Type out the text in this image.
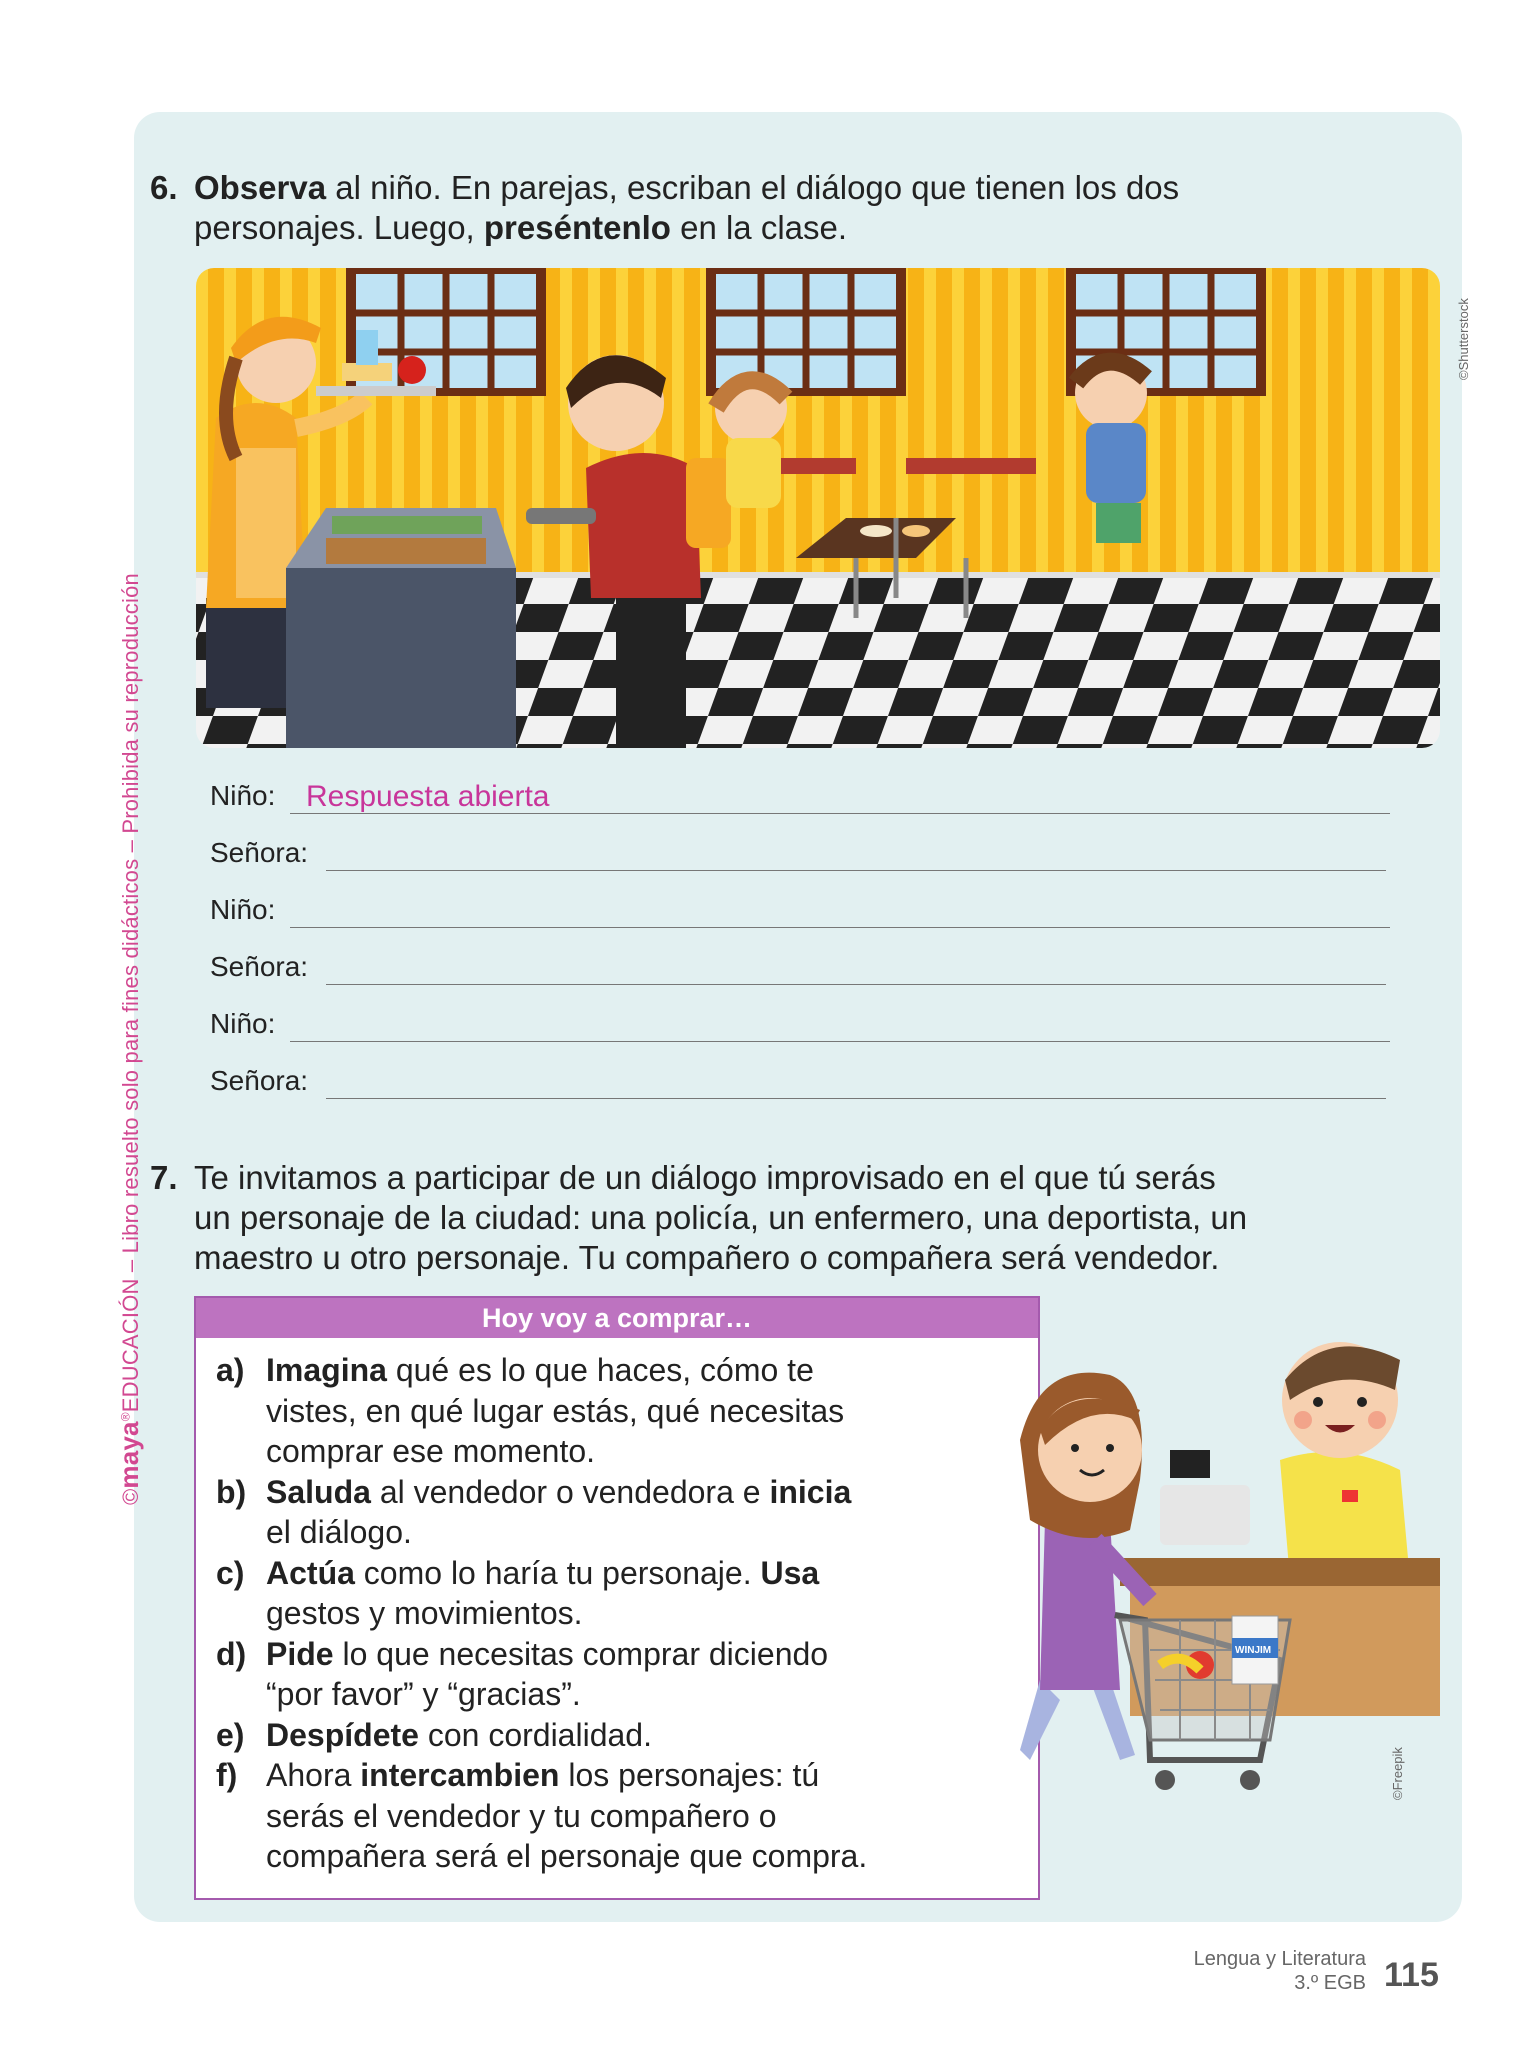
©maya®EDUCACIÓN – Libro resuelto solo para fines didácticos – Prohibida su reproducción
6. Observa al niño. En parejas, escriban el diálogo que tienen los dos
personajes. Luego, preséntenlo en la clase.
©Shutterstock
Niño: Respuesta abierta
Señora:
Niño:
Señora:
Niño:
Señora:
7. Te invitamos a participar de un diálogo improvisado en el que tú serás
un personaje de la ciudad: una policía, un enfermero, una deportista, un
maestro u otro personaje. Tu compañero o compañera será vendedor.
Hoy voy a comprar…
a) Imagina qué es lo que haces, cómo te
vistes, en qué lugar estás, qué necesitas
comprar ese momento.
b) Saluda al vendedor o vendedora e inicia
el diálogo.
c) Actúa como lo haría tu personaje. Usa
gestos y movimientos.
d) Pide lo que necesitas comprar diciendo
“por favor” y “gracias”.
e) Despídete con cordialidad.
f) Ahora intercambien los personajes: tú
serás el vendedor y tu compañero o
compañera será el personaje que compra.
WINJIM
©Freepik
Lengua y Literatura
3.º EGB 115
